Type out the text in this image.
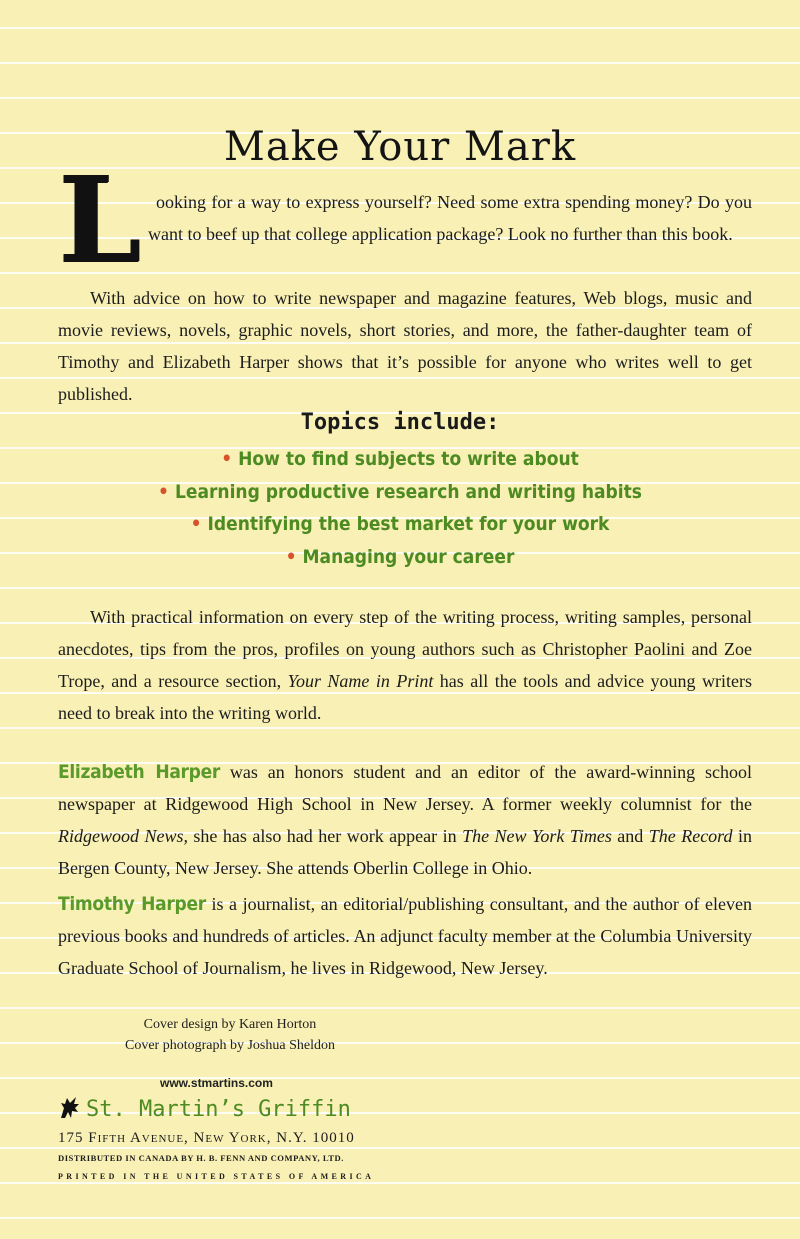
Make Your Mark
L ooking for a way to express yourself? Need some extra spending money? Do you want to beef up that college application package? Look no further than this book.
With advice on how to write newspaper and magazine features, Web blogs, music and movie reviews, novels, graphic novels, short stories, and more, the father-daughter team of Timothy and Elizabeth Harper shows that it’s possible for anyone who writes well to get published.
Topics include:
• How to find subjects to write about
• Learning productive research and writing habits
• Identifying the best market for your work
• Managing your career
With practical information on every step of the writing process, writing samples, personal anecdotes, tips from the pros, profiles on young authors such as Christopher Paolini and Zoe Trope, and a resource section, Your Name in Print has all the tools and advice young writers need to break into the writing world.
Elizabeth Harper was an honors student and an editor of the award-winning school newspaper at Ridgewood High School in New Jersey. A former weekly columnist for the Ridgewood News, she has also had her work appear in The New York Times and The Record in Bergen County, New Jersey. She attends Oberlin College in Ohio.
Timothy Harper is a journalist, an editorial/publishing consultant, and the author of eleven previous books and hundreds of articles. An adjunct faculty member at the Columbia University Graduate School of Journalism, he lives in Ridgewood, New Jersey.
Cover design by Karen Horton
Cover photograph by Joshua Sheldon
www.stmartins.com
St. Martin’s Griffin
175 Fifth Avenue, New York, N.Y. 10010
DISTRIBUTED IN CANADA BY H. B. FENN AND COMPANY, LTD.
PRINTED IN THE UNITED STATES OF AMERICA
